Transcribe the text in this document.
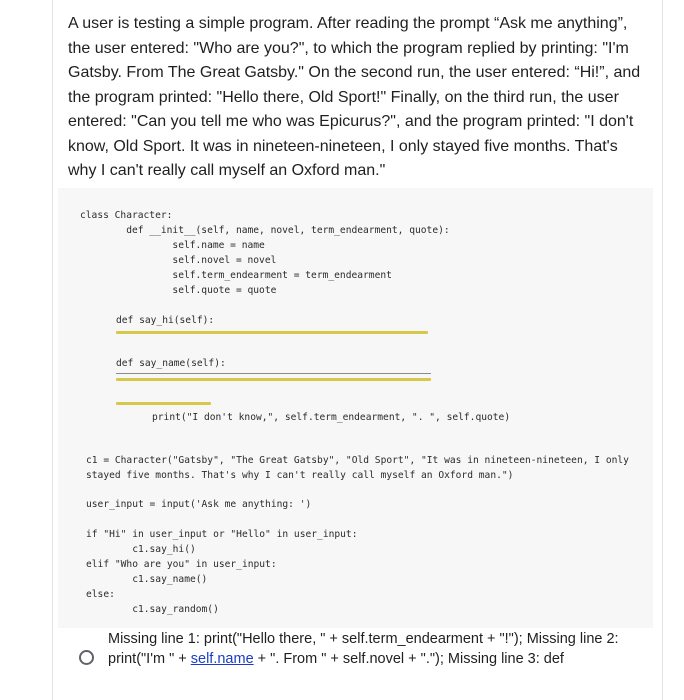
A user is testing a simple program. After reading the prompt “Ask me anything”, the user entered: "Who are you?", to which the program replied by printing: "I'm Gatsby. From The Great Gatsby." On the second run, the user entered: “Hi!”, and the program printed: "Hello there, Old Sport!" Finally, on the third run, the user entered: "Can you tell me who was Epicurus?", and the program printed: "I don't know, Old Sport. It was in nineteen-nineteen, I only stayed five months. That's why I can't really call myself an Oxford man."

class Character:
def __init__(self, name, novel, term_endearment, quote):
self.name = name
self.novel = novel
self.term_endearment = term_endearment
self.quote = quote
def say_hi(self):
def say_name(self):
print("I don't know,", self.term_endearment, ". ", self.quote)
c1 = Character("Gatsby", "The Great Gatsby", "Old Sport", "It was in nineteen-nineteen, I only
stayed five months. That's why I can't really call myself an Oxford man.")
user_input = input('Ask me anything: ')
if "Hi" in user_input or "Hello" in user_input:
c1.say_hi()
elif "Who are you" in user_input:
c1.say_name()
else:
c1.say_random()

Missing line 1: print("Hello there, " + self.term_endearment + "!"); Missing line 2:
print("I'm " + self.name + ". From " + self.novel + "."); Missing line 3: def
